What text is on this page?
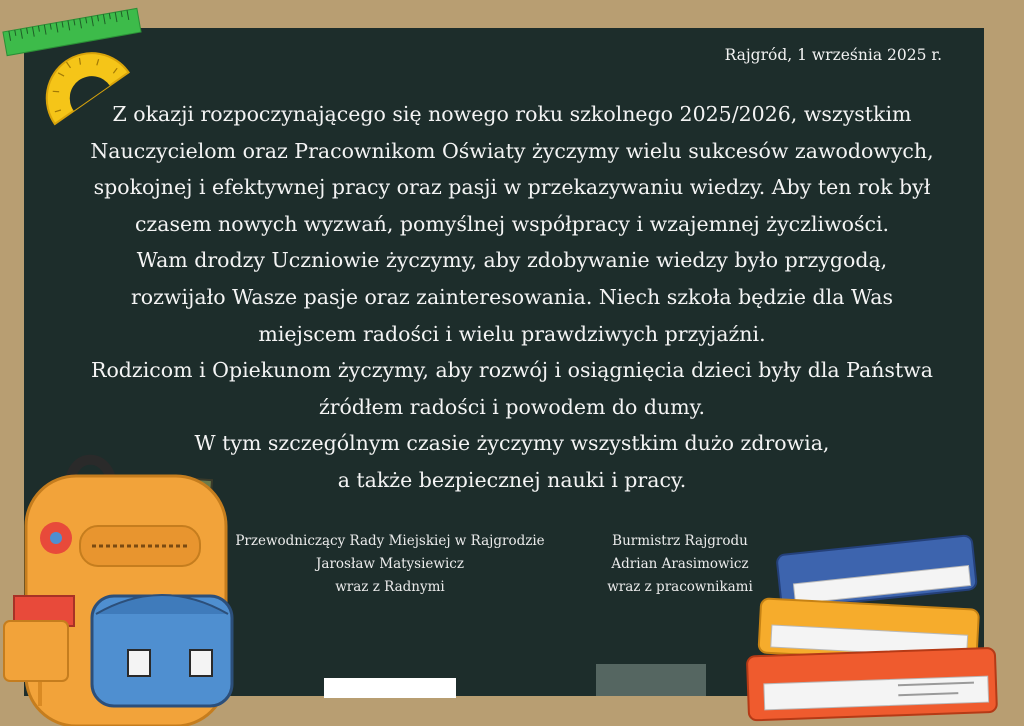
Rajgród, 1 września 2025 r.

Z okazji rozpoczynającego się nowego roku szkolnego 2025/2026, wszystkim

Nauczycielom oraz Pracownikom Oświaty życzymy wielu sukcesów zawodowych,

spokojnej i efektywnej pracy oraz pasji w przekazywaniu wiedzy. Aby ten rok był

czasem nowych wyzwań, pomyślnej współpracy i wzajemnej życzliwości.

Wam drodzy Uczniowie życzymy, aby zdobywanie wiedzy było przygodą,

rozwijało Wasze pasje oraz zainteresowania. Niech szkoła będzie dla Was

miejscem radości i wielu prawdziwych przyjaźni.

Rodzicom i Opiekunom życzymy, aby rozwój i osiągnięcia dzieci były dla Państwa

źródłem radości i powodem do dumy.

W tym szczególnym czasie życzymy wszystkim dużo zdrowia,

a także bezpiecznej nauki i pracy.

Przewodniczący Rady Miejskiej w Rajgrodzie

Jarosław Matysiewicz

wraz z Radnymi

Burmistrz Rajgrodu

Adrian Arasimowicz

wraz z pracownikami
